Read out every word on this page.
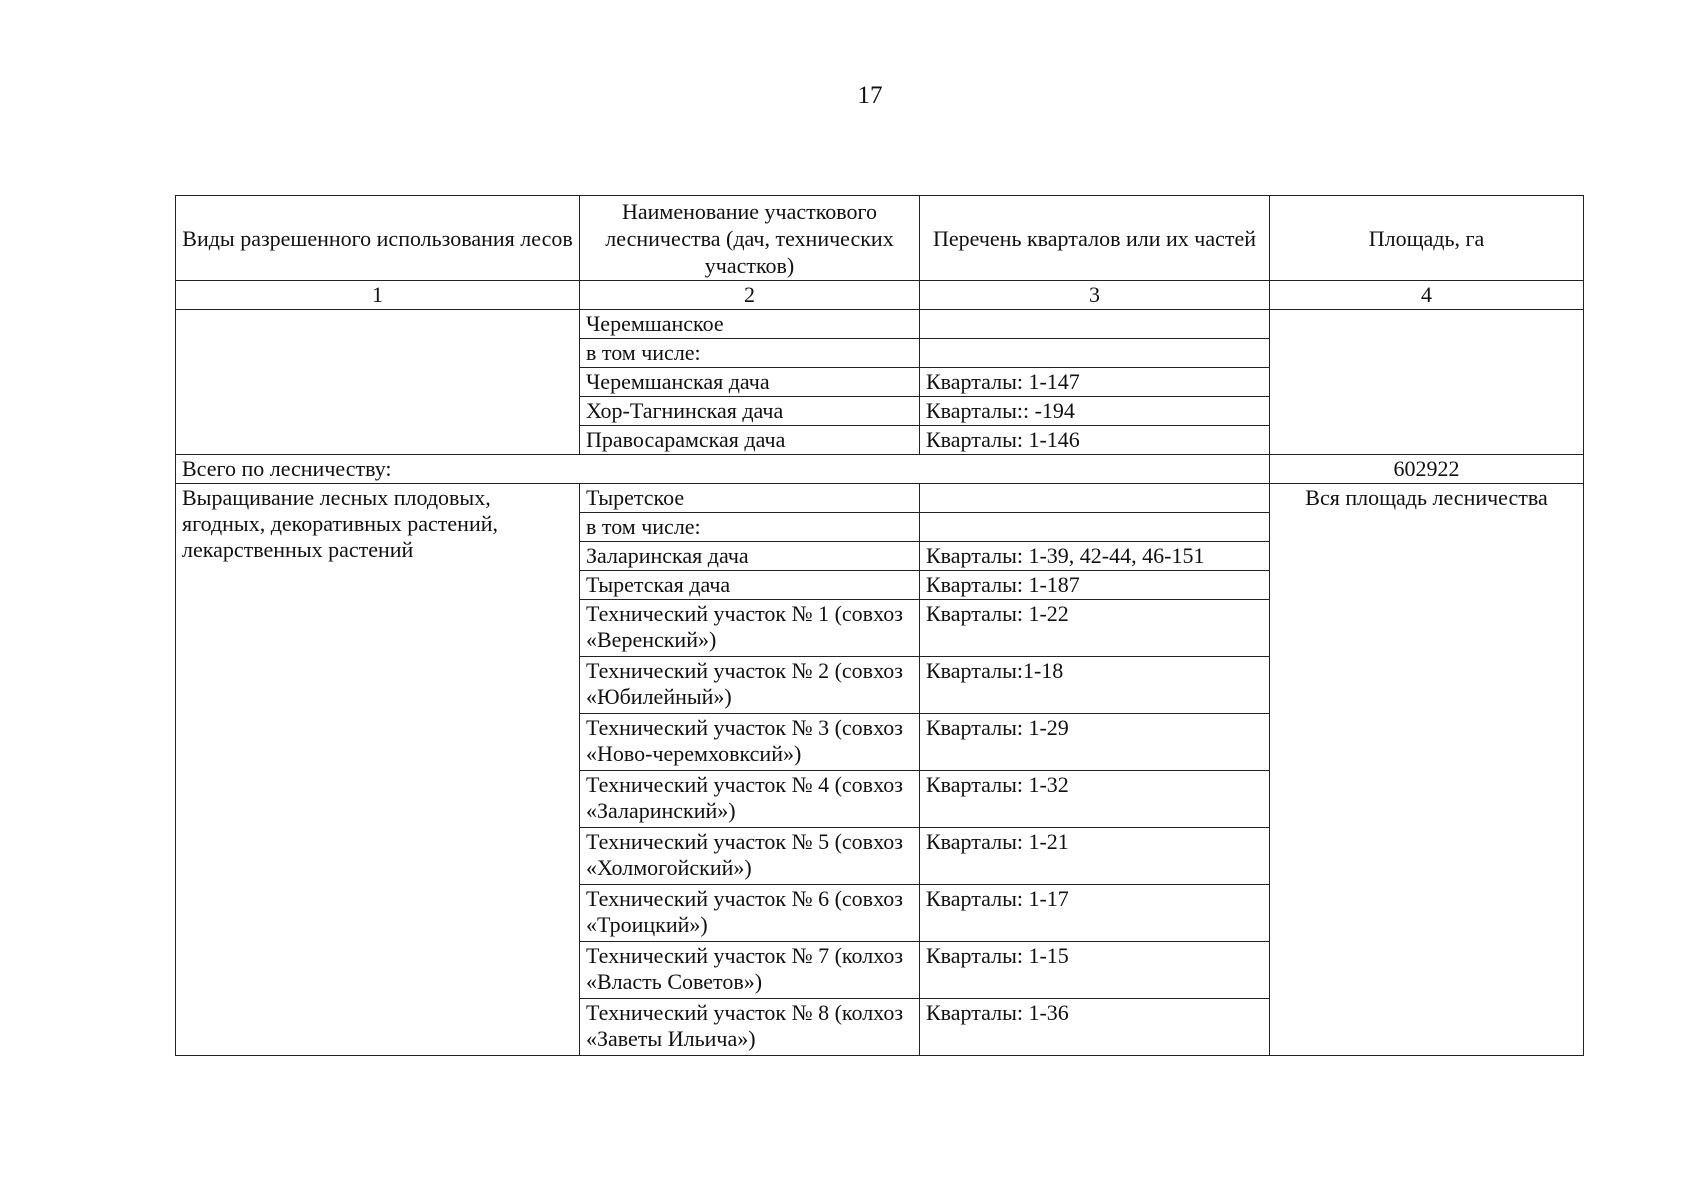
17
Виды разрешенного использования лесов	Наименование участкового лесничества (дач, технических участков)	Перечень кварталов или их частей	Площадь, га
1	2	3	4
	Черемшанское		
	в том числе:		
	Черемшанская дача	Кварталы: 1-147	
	Хор-Тагнинская дача	Кварталы:: -194	
	Правосарамская дача	Кварталы: 1-146	
Всего по лесничеству:			602922
Выращивание лесных плодовых, ягодных, декоративных растений, лекарственных растений	Тыретское		Вся площадь лесничества
	в том числе:		
	Заларинская дача	Кварталы: 1-39, 42-44, 46-151	
	Тыретская дача	Кварталы: 1-187	
	Технический участок № 1 (совхоз «Веренский»)	Кварталы: 1-22	
	Технический участок № 2 (совхоз «Юбилейный»)	Кварталы:1-18	
	Технический участок № 3 (совхоз «Ново-черемховксий»)	Кварталы: 1-29	
	Технический участок № 4 (совхоз «Заларинский»)	Кварталы: 1-32	
	Технический участок № 5 (совхоз «Холмогойский»)	Кварталы: 1-21	
	Технический участок № 6 (совхоз «Троицкий»)	Кварталы: 1-17	
	Технический участок № 7 (колхоз «Власть Советов»)	Кварталы: 1-15	
	Технический участок № 8 (колхоз «Заветы Ильича»)	Кварталы: 1-36	
